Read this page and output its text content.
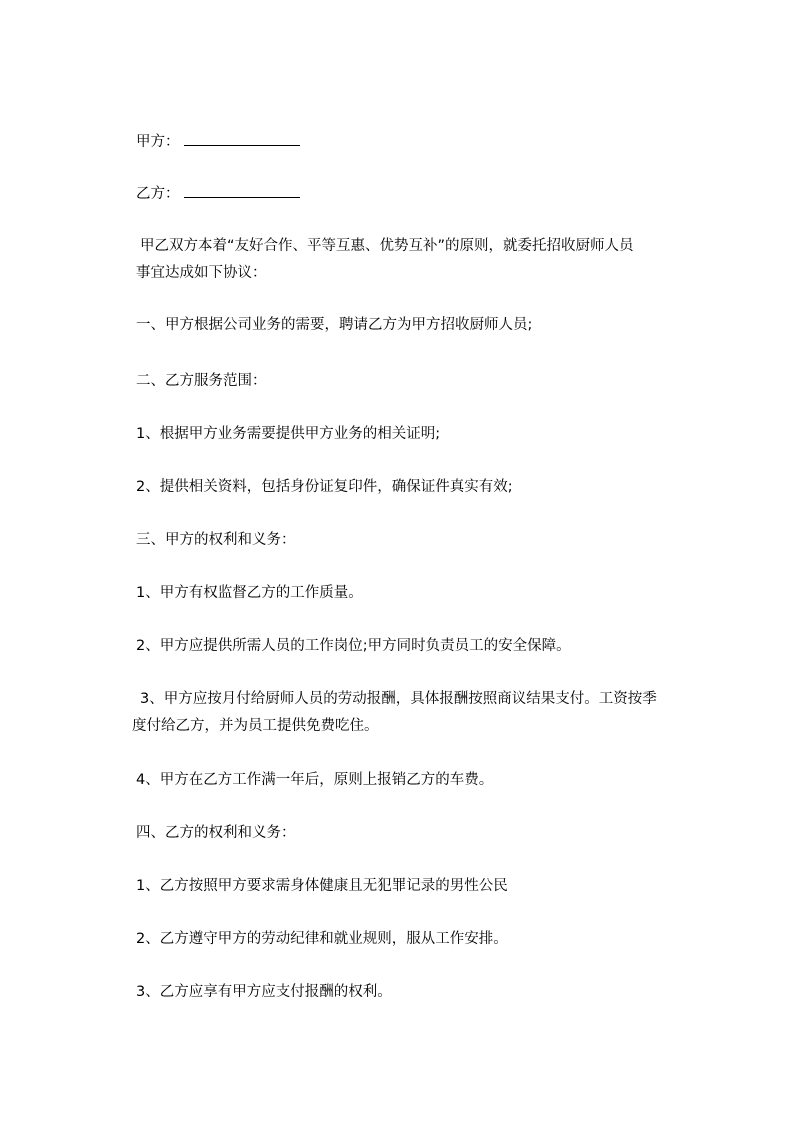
甲方：
乙方：
甲乙双方本着“友好合作、平等互惠、优势互补”的原则，就委托招收厨师人员
事宜达成如下协议：
一、甲方根据公司业务的需要，聘请乙方为甲方招收厨师人员;
二、乙方服务范围：
1、根据甲方业务需要提供甲方业务的相关证明;
2、提供相关资料，包括身份证复印件，确保证件真实有效;
三、甲方的权利和义务：
1、甲方有权监督乙方的工作质量。
2、甲方应提供所需人员的工作岗位;甲方同时负责员工的安全保障。
3、甲方应按月付给厨师人员的劳动报酬，具体报酬按照商议结果支付。工资按季
度付给乙方，并为员工提供免费吃住。
4、甲方在乙方工作满一年后，原则上报销乙方的车费。
四、乙方的权利和义务：
1、乙方按照甲方要求需身体健康且无犯罪记录的男性公民
2、乙方遵守甲方的劳动纪律和就业规则，服从工作安排。
3、乙方应享有甲方应支付报酬的权利。
